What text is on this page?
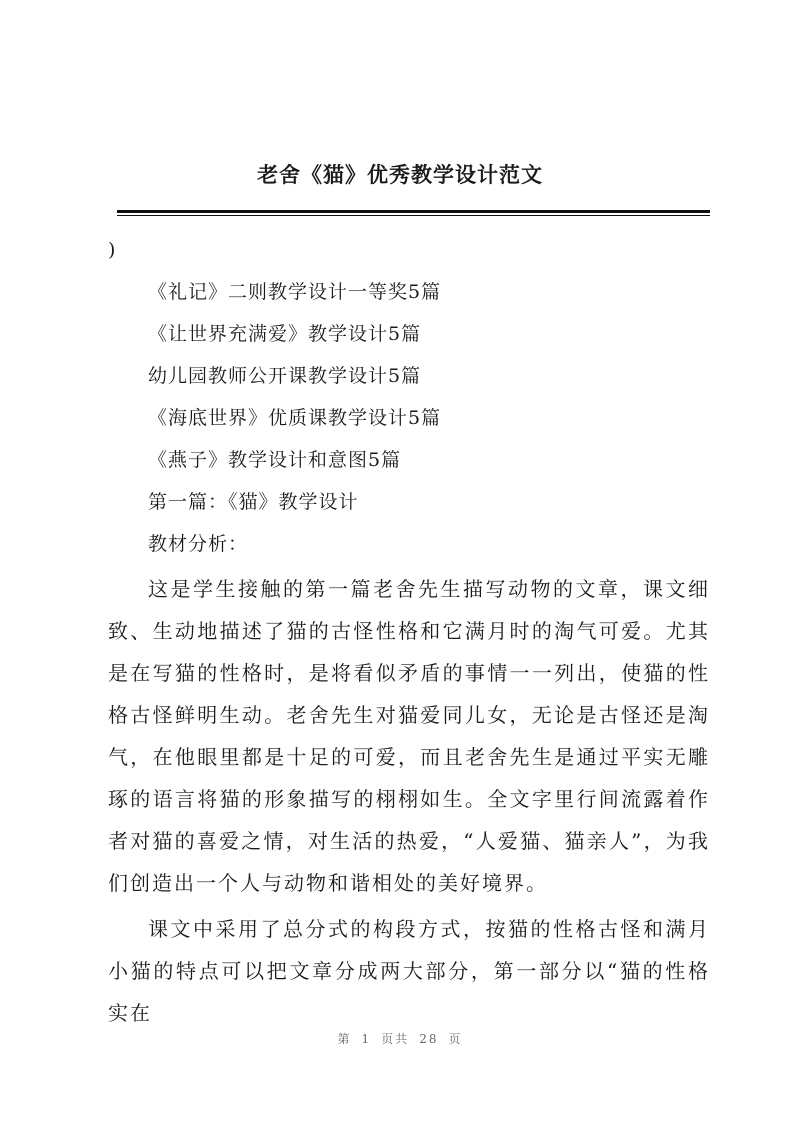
老舍《猫》优秀教学设计范文
)
《礼记》二则教学设计一等奖5篇
《让世界充满爱》教学设计5篇
幼儿园教师公开课教学设计5篇
《海底世界》优质课教学设计5篇
《燕子》教学设计和意图5篇
第一篇：《猫》教学设计
教材分析：

这是学生接触的第一篇老舍先生描写动物的文章，课文细致、生动地描述了猫的古怪性格和它满月时的淘气可爱。尤其是在写猫的性格时，是将看似矛盾的事情一一列出，使猫的性格古怪鲜明生动。老舍先生对猫爱同儿女，无论是古怪还是淘气，在他眼里都是十足的可爱，而且老舍先生是通过平实无雕琢的语言将猫的形象描写的栩栩如生。全文字里行间流露着作者对猫的喜爱之情，对生活的热爱，“人爱猫、猫亲人”，为我们创造出一个人与动物和谐相处的美好境界。

课文中采用了总分式的构段方式，按猫的性格古怪和满月小猫的特点可以把文章分成两大部分，第一部分以“猫的性格实在

第 1 页共 28 页
